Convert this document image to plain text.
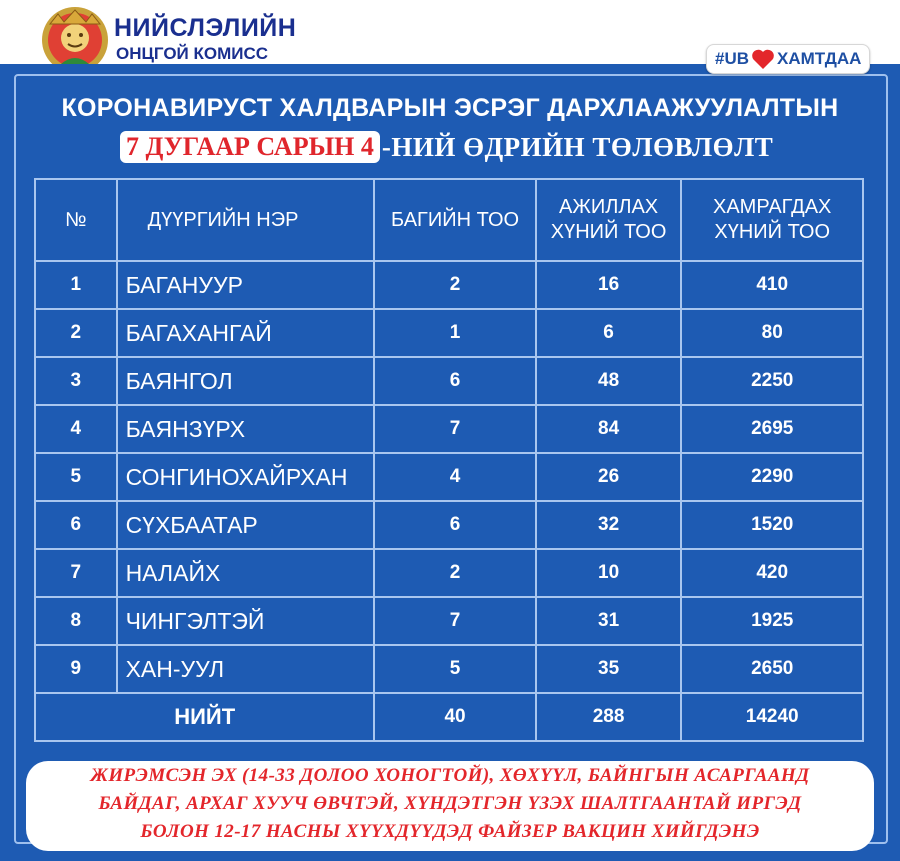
НИЙСЛЭЛИЙН
ОНЦГОЙ КОМИСС	#UB ХАМТДАА
КОРОНАВИРУСТ ХАЛДВАРЫН ЭСРЭГ ДАРХЛААЖУУЛАЛТЫН
7 ДУГААР САРЫН 4 -НИЙ ӨДРИЙН ТӨЛӨВЛӨЛТ
№	ДҮҮРГИЙН НЭР	БАГИЙН ТОО	АЖИЛЛАХ ХҮНИЙ ТОО	ХАМРАГДАХ ХҮНИЙ ТОО
1	БАГАНУУР	2	16	410
2	БАГАХАНГАЙ	1	6	80
3	БАЯНГОЛ	6	48	2250
4	БАЯНЗҮРХ	7	84	2695
5	СОНГИНОХАЙРХАН	4	26	2290
6	СҮХБААТАР	6	32	1520
7	НАЛАЙХ	2	10	420
8	ЧИНГЭЛТЭЙ	7	31	1925
9	ХАН-УУЛ	5	35	2650
НИЙТ		40	288	14240
ЖИРЭМСЭН ЭХ (14-33 ДОЛОО ХОНОГТОЙ), ХӨХҮҮЛ, БАЙНГЫН АСАРГААНД
БАЙДАГ, АРХАГ ХУУЧ ӨВЧТЭЙ, ХҮНДЭТГЭН ҮЗЭХ ШАЛТГААНТАЙ ИРГЭД
БОЛОН 12-17 НАСНЫ ХҮҮХДҮҮДЭД ФАЙЗЕР ВАКЦИН ХИЙГДЭНЭ
